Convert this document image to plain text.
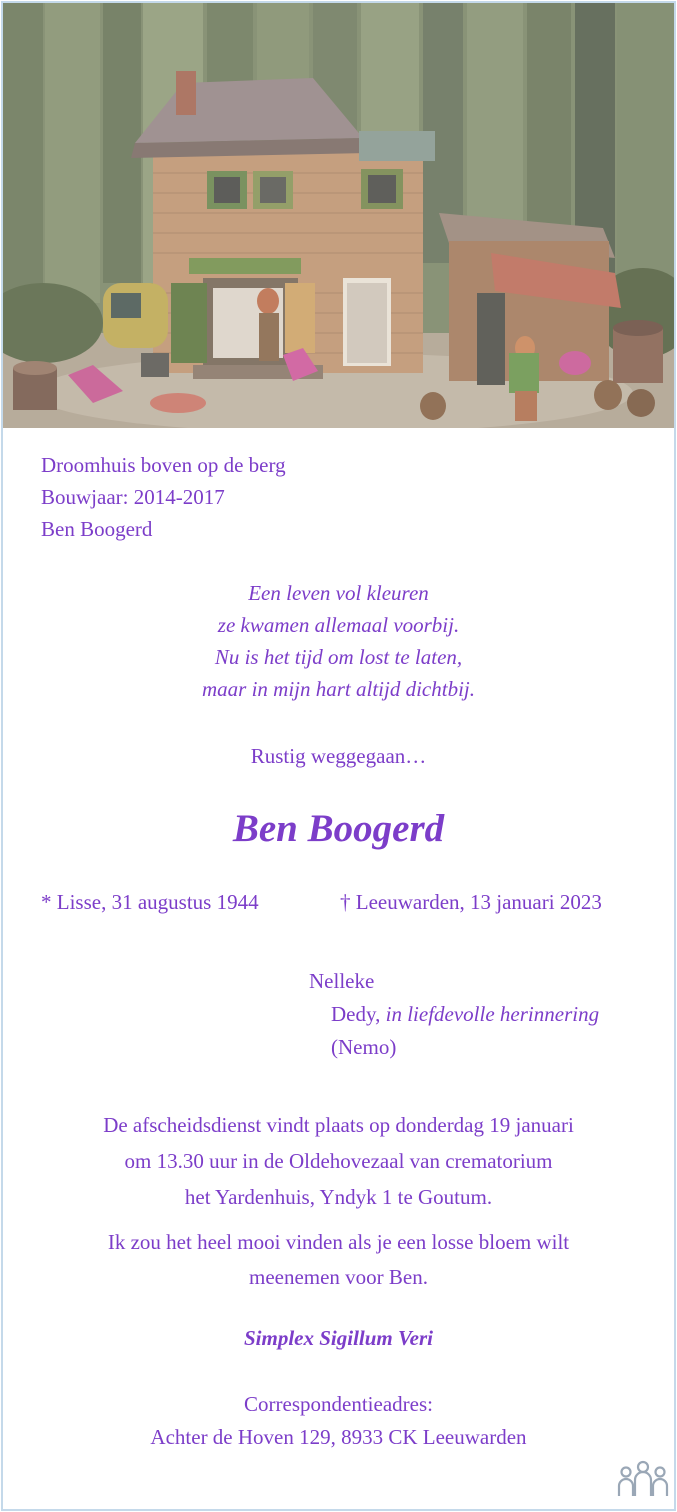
Droomhuis boven op de berg
Bouwjaar: 2014-2017
Ben Boogerd
Een leven vol kleuren
ze kwamen allemaal voorbij.
Nu is het tijd om lost te laten,
maar in mijn hart altijd dichtbij.
Rustig weggegaan…
Ben Boogerd
* Lisse, 31 augustus 1944	† Leeuwarden, 13 januari 2023
Nelleke
Dedy, in liefdevolle herinnering
(Nemo)
De afscheidsdienst vindt plaats op donderdag 19 januari
om 13.30 uur in de Oldehovezaal van crematorium
het Yardenhuis, Yndyk 1 te Goutum.
Ik zou het heel mooi vinden als je een losse bloem wilt
meenemen voor Ben.
Simplex Sigillum Veri
Correspondentieadres:
Achter de Hoven 129, 8933 CK Leeuwarden
